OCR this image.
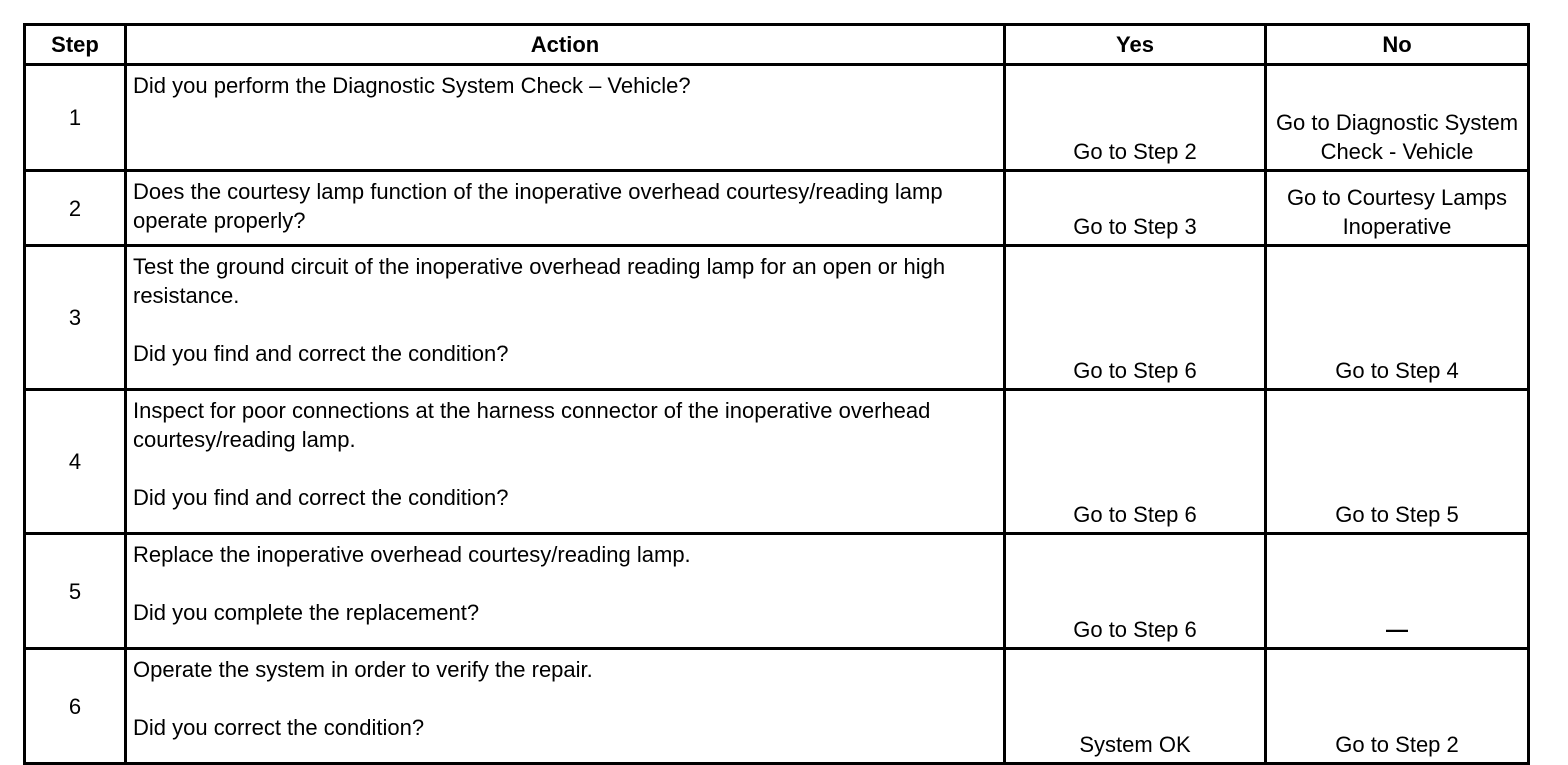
Step	Action	Yes	No
1	Did you perform the Diagnostic System Check – Vehicle?	Go to Step 2	Go to Diagnostic System Check - Vehicle
2	Does the courtesy lamp function of the inoperative overhead courtesy/reading lamp operate properly?	Go to Step 3	Go to Courtesy Lamps Inoperative
3	Test the ground circuit of the inoperative overhead reading lamp for an open or high resistance.
Did you find and correct the condition?	Go to Step 6	Go to Step 4
4	Inspect for poor connections at the harness connector of the inoperative overhead courtesy/reading lamp.
Did you find and correct the condition?	Go to Step 6	Go to Step 5
5	Replace the inoperative overhead courtesy/reading lamp.
Did you complete the replacement?	Go to Step 6	—
6	Operate the system in order to verify the repair.
Did you correct the condition?	System OK	Go to Step 2
